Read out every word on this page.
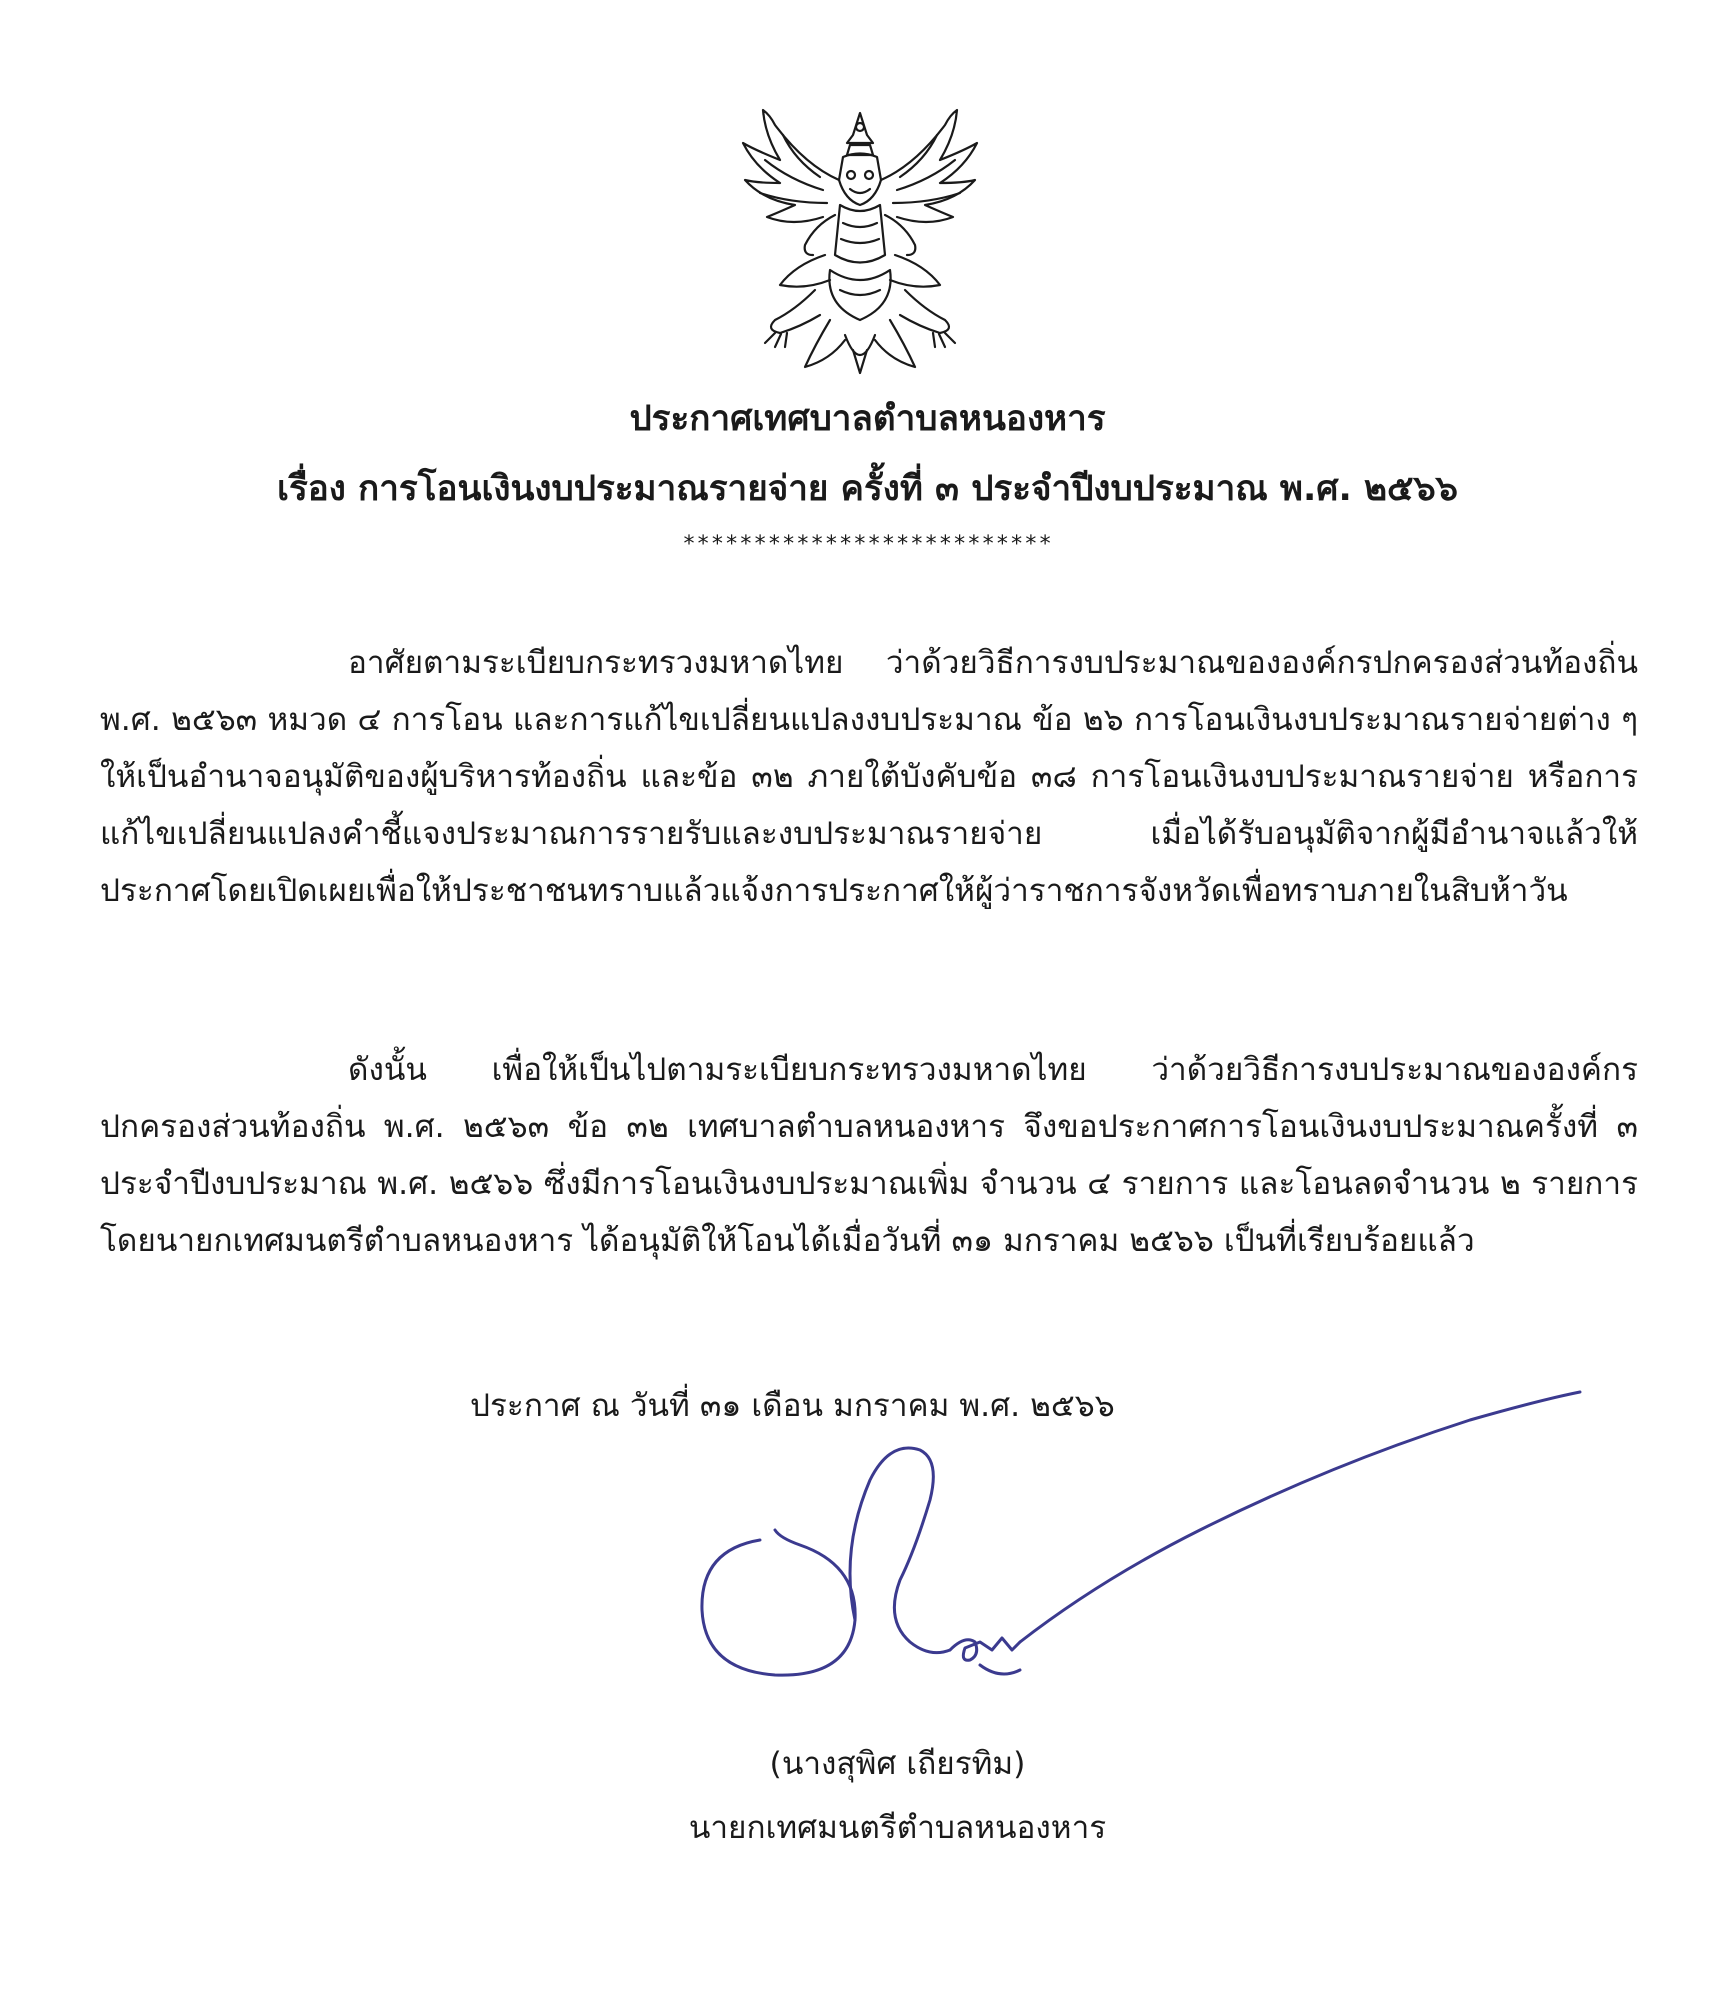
ประกาศเทศบาลตำบลหนองหาร
เรื่อง การโอนเงินงบประมาณรายจ่าย ครั้งที่ ๓ ประจำปีงบประมาณ พ.ศ. ๒๕๖๖
**************************

อาศัยตามระเบียบกระทรวงมหาดไทย ว่าด้วยวิธีการงบประมาณขององค์กรปกครองส่วนท้องถิ่น พ.ศ. ๒๕๖๓ หมวด ๔ การโอน และการแก้ไขเปลี่ยนแปลงงบประมาณ ข้อ ๒๖ การโอนเงินงบประมาณรายจ่ายต่าง ๆ ให้เป็นอำนาจอนุมัติของผู้บริหารท้องถิ่น และข้อ ๓๒ ภายใต้บังคับข้อ ๓๘ การโอนเงินงบประมาณรายจ่าย หรือการแก้ไขเปลี่ยนแปลงคำชี้แจงประมาณการรายรับและงบประมาณรายจ่าย เมื่อได้รับอนุมัติจากผู้มีอำนาจแล้วให้ประกาศโดยเปิดเผยเพื่อให้ประชาชนทราบแล้วแจ้งการประกาศให้ผู้ว่าราชการจังหวัดเพื่อทราบภายในสิบห้าวัน

ดังนั้น เพื่อให้เป็นไปตามระเบียบกระทรวงมหาดไทย ว่าด้วยวิธีการงบประมาณขององค์กรปกครองส่วนท้องถิ่น พ.ศ. ๒๕๖๓ ข้อ ๓๒ เทศบาลตำบลหนองหาร จึงขอประกาศการโอนเงินงบประมาณครั้งที่ ๓ ประจำปีงบประมาณ พ.ศ. ๒๕๖๖ ซึ่งมีการโอนเงินงบประมาณเพิ่ม จำนวน ๔ รายการ และโอนลดจำนวน ๒ รายการ โดยนายกเทศมนตรีตำบลหนองหาร ได้อนุมัติให้โอนได้เมื่อวันที่ ๓๑ มกราคม ๒๕๖๖ เป็นที่เรียบร้อยแล้ว

ประกาศ ณ วันที่ ๓๑ เดือน มกราคม พ.ศ. ๒๕๖๖
(นางสุพิศ เถียรทิม)
นายกเทศมนตรีตำบลหนองหาร
